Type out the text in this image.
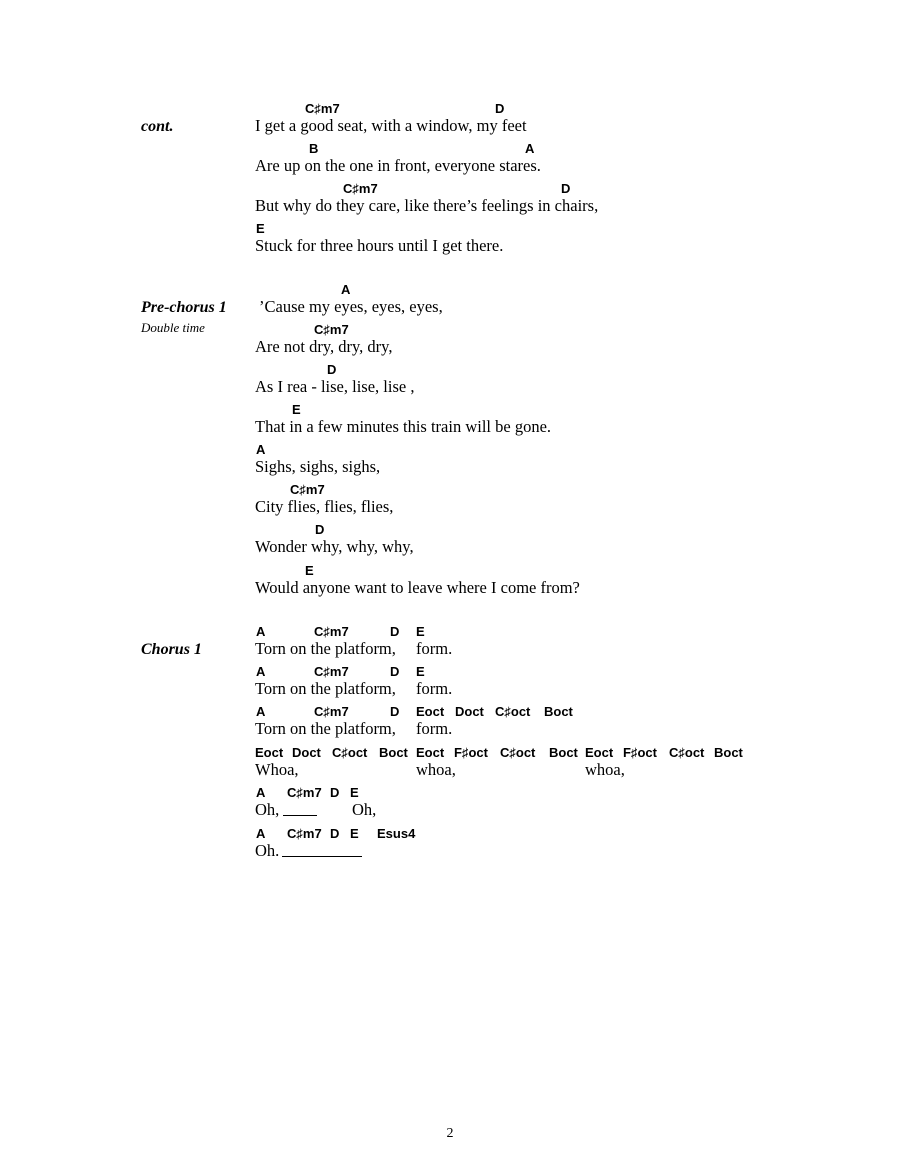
cont.
Pre-chorus 1
Double time
Chorus 1
C♯m7	D
I get a good seat, with a window, my feet
B	A
Are up on the one in front, everyone stares.
C♯m7	D
But why do they care, like there’s feelings in chairs,
E
Stuck for three hours until I get there.
A
’Cause my eyes, eyes, eyes,
C♯m7
Are not dry, dry, dry,
D
As I rea - lise, lise, lise ,
E
That in a few minutes this train will be gone.
A
Sighs, sighs, sighs,
C♯m7
City flies, flies, flies,
D
Wonder why, why, why,
E
Would anyone want to leave where I come from?
A	C♯m7	D E
Torn on the platform, form.
A	C♯m7	D E
Torn on the platform, form.
A	C♯m7	D Eoct Doct C♯oct Boct
Torn on the platform, form.
Eoct Doct C♯oct Boct Eoct F♯oct C♯oct Boct Eoct F♯oct C♯oct Boct
Whoa,	whoa,	whoa,
A C♯m7 D E
Oh,	Oh,
A C♯m7 D E Esus4
Oh.
2
